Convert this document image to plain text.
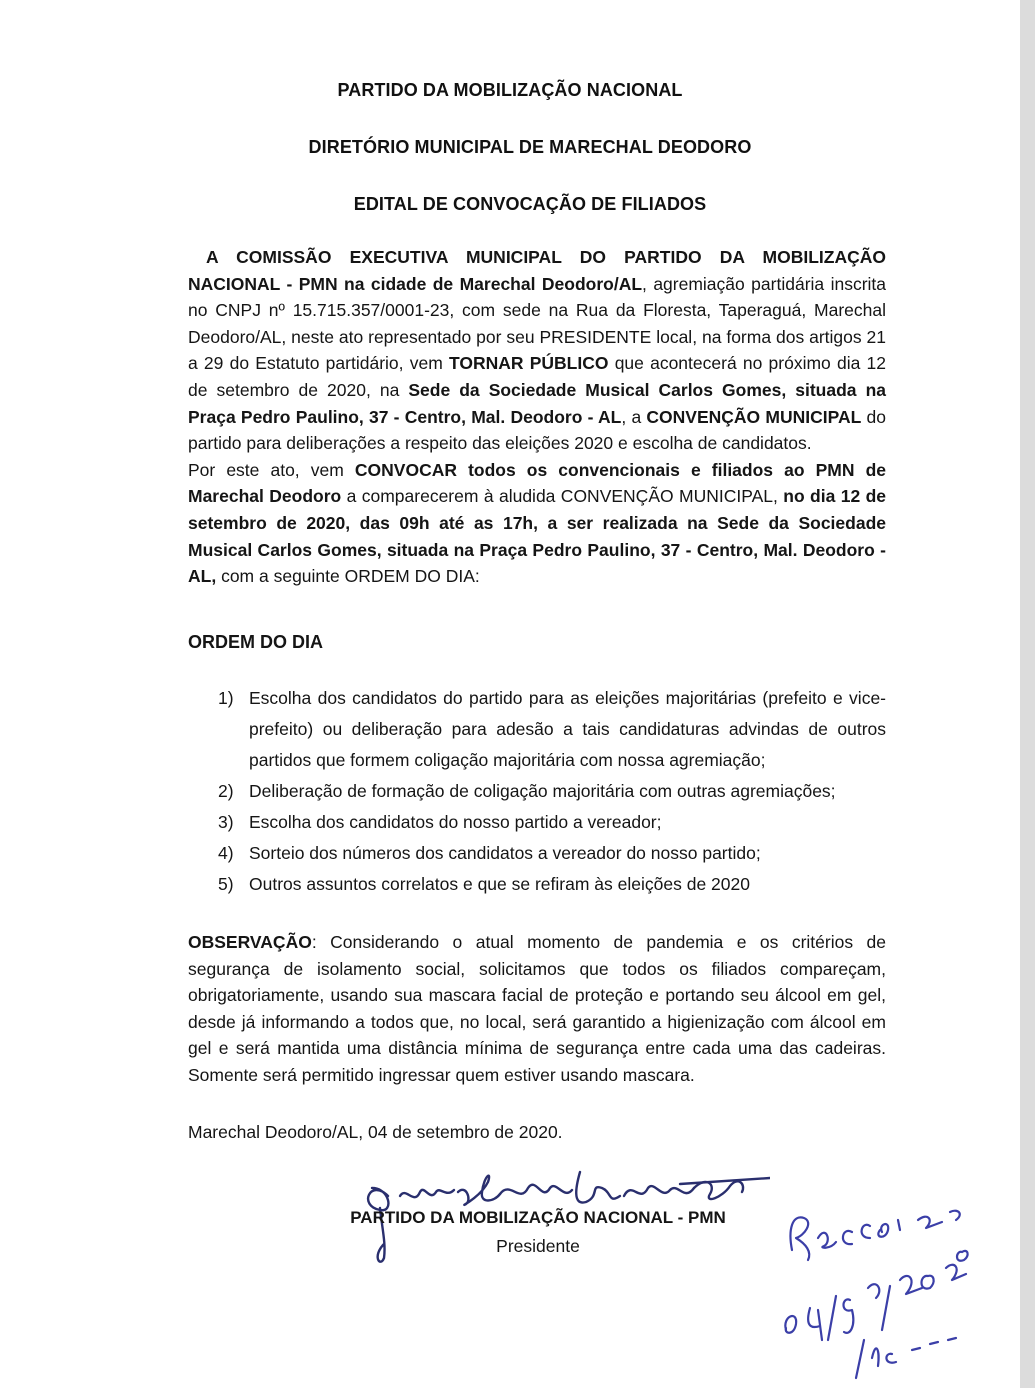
PARTIDO DA MOBILIZAÇÃO NACIONAL
DIRETÓRIO MUNICIPAL DE MARECHAL DEODORO
EDITAL DE CONVOCAÇÃO DE FILIADOS
A COMISSÃO EXECUTIVA MUNICIPAL DO PARTIDO DA MOBILIZAÇÃO NACIONAL - PMN na cidade de Marechal Deodoro/AL, agremiação partidária inscrita no CNPJ nº 15.715.357/0001-23, com sede na Rua da Floresta, Taperaguá, Marechal Deodoro/AL, neste ato representado por seu PRESIDENTE local, na forma dos artigos 21 a 29 do Estatuto partidário, vem TORNAR PÚBLICO que acontecerá no próximo dia 12 de setembro de 2020, na Sede da Sociedade Musical Carlos Gomes, situada na Praça Pedro Paulino, 37 - Centro, Mal. Deodoro - AL, a CONVENÇÃO MUNICIPAL do partido para deliberações a respeito das eleições 2020 e escolha de candidatos.
Por este ato, vem CONVOCAR todos os convencionais e filiados ao PMN de Marechal Deodoro a comparecerem à aludida CONVENÇÃO MUNICIPAL, no dia 12 de setembro de 2020, das 09h até as 17h, a ser realizada na Sede da Sociedade Musical Carlos Gomes, situada na Praça Pedro Paulino, 37 - Centro, Mal. Deodoro - AL, com a seguinte ORDEM DO DIA:
ORDEM DO DIA
1) Escolha dos candidatos do partido para as eleições majoritárias (prefeito e vice-prefeito) ou deliberação para adesão a tais candidaturas advindas de outros partidos que formem coligação majoritária com nossa agremiação;
2) Deliberação de formação de coligação majoritária com outras agremiações;
3) Escolha dos candidatos do nosso partido a vereador;
4) Sorteio dos números dos candidatos a vereador do nosso partido;
5) Outros assuntos correlatos e que se refiram às eleições de 2020
OBSERVAÇÃO: Considerando o atual momento de pandemia e os critérios de segurança de isolamento social, solicitamos que todos os filiados compareçam, obrigatoriamente, usando sua mascara facial de proteção e portando seu álcool em gel, desde já informando a todos que, no local, será garantido a higienização com álcool em gel e será mantida uma distância mínima de segurança entre cada uma das cadeiras. Somente será permitido ingressar quem estiver usando mascara.
Marechal Deodoro/AL, 04 de setembro de 2020.
PARTIDO DA MOBILIZAÇÃO NACIONAL - PMN
Presidente
